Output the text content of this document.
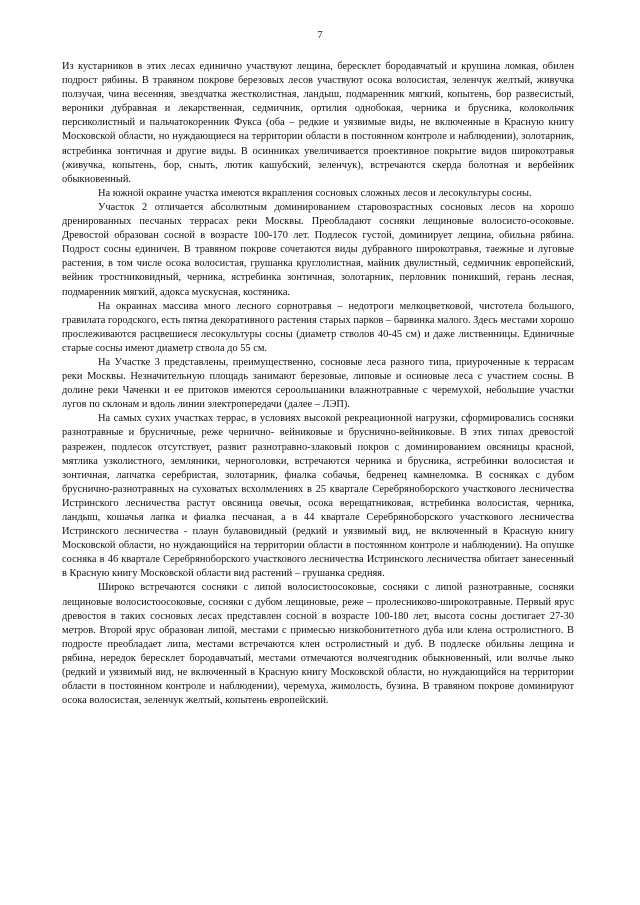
7

Из кустарников в этих лесах единично участвуют лещина, бересклет бородавчатый и крушина ломкая, обилен подрост рябины. В травяном покрове березовых лесов участвуют осока волосистая, зеленчук желтый, живучка ползучая, чина весенняя, звездчатка жестколистная, ландыш, подмаренник мягкий, копытень, бор развесистый, вероники дубравная и лекарственная, седмичник, ортилия однобокая, черника и брусника, колокольчик персиколистный и пальчатокоренник Фукса (оба – редкие и уязвимые виды, не включенные в Красную книгу Московской области, но нуждающиеся на территории области в постоянном контроле и наблюдении), золотарник, ястребинка зонтичная и другие виды. В осинниках увеличивается проективное покрытие видов широкотравья (живучка, копытень, бор, сныть, лютик кашубский, зеленчук), встречаются скерда болотная и вербейник обыкновенный.

На южной окраине участка имеются вкрапления сосновых сложных лесов и лесокультуры сосны.

Участок 2 отличается абсолютным доминированием старовозрастных сосновых лесов на хорошо дренированных песчаных террасах реки Москвы. Преобладают сосняки лещиновые волосисто-осоковые. Древостой образован сосной в возрасте 100-170 лет. Подлесок густой, доминирует лещина, обильна рябина. Подрост сосны единичен. В травяном покрове сочетаются виды дубравного широкотравья, таежные и луговые растения, в том числе осока волосистая, грушанка круглолистная, майник двулистный, седмичник европейский, вейник тростниковидный, черника, ястребинка зонтичная, золотарник, перловник поникший, герань лесная, подмаренник мягкий, адокса мускусная, костяника.

На окраинах массива много лесного сорнотравья – недотроги мелкоцветковой, чистотела большого, гравилата городского, есть пятна декоративного растения старых парков – барвинка малого. Здесь местами хорошо прослеживаются расцвешиеся лесокультуры сосны (диаметр стволов 40-45 см) и даже лиственницы. Единичные старые сосны имеют диаметр ствола до 55 см.

На Участке 3 представлены, преимущественно, сосновые леса разного типа, приуроченные к террасам реки Москвы. Незначительную площадь занимают березовые, липовые и осиновые леса с участием сосны. В долине реки Чаченки и ее притоков имеются сероольшаники влажнотравные с черемухой, небольшие участки лугов по склонам и вдоль линии электропередачи (далее – ЛЭП).

На самых сухих участках террас, в условиях высокой рекреационной нагрузки, сформировались сосняки разнотравные и брусничные, реже чернично- вейниковые и бруснично-вейниковые. В этих типах древостой разрежен, подлесок отсутствует, развит разнотравно-злаковый покров с доминированием овсяницы красной, мятлика узколистного, земляники, черноголовки, встречаются черника и брусника, ястребинки волосистая и зонтичная, лапчатка серебристая, золотарник, фиалка собачья, бедренец камнеломка. В сосняках с дубом бруснично-разнотравных на суховатых всхолмлениях в 25 квартале Серебряноборского участкового лесничества Истринского лесничества растут овсяница овечья, осока верещатниковая, ястребинка волосистая, черника, ландыш, кошачья лапка и фиалка песчаная, а в 44 квартале Серебряноборского участкового лесничества Истринского лесничества - плаун булавовидный (редкий и уязвимый вид, не включенный в Красную книгу Московской области, но нуждающийся на территории области в постоянном контроле и наблюдении). На опушке сосняка в 46 квартале Серебряноборского участкового лесничества Истринского лесничества обитает занесенный в Красную книгу Московской области вид растений – грушанка средняя.

Широко встречаются сосняки с липой волосистоосоковые, сосняки с липой разнотравные, сосняки лещиновые волосистоосоковые, сосняки с дубом лещиновые, реже – пролесниково-широкотравные. Первый ярус древостоя в таких сосновых лесах представлен сосной в возрасте 100-180 лет, высота сосны достигает 27-30 метров. Второй ярус образован липой, местами с примесью низкобонитетного дуба или клена остролистного. В подросте преобладает липа, местами встречаются клен остролистный и дуб. В подлеске обильны лещина и рябина, нередок бересклет бородавчатый, местами отмечаются волчеягодник обыкновенный, или волчье лыко (редкий и уязвимый вид, не включенный в Красную книгу Московской области, но нуждающийся на территории области в постоянном контроле и наблюдении), черемуха, жимолость, бузина. В травяном покрове доминируют осока волосистая, зеленчук желтый, копытень европейский.
